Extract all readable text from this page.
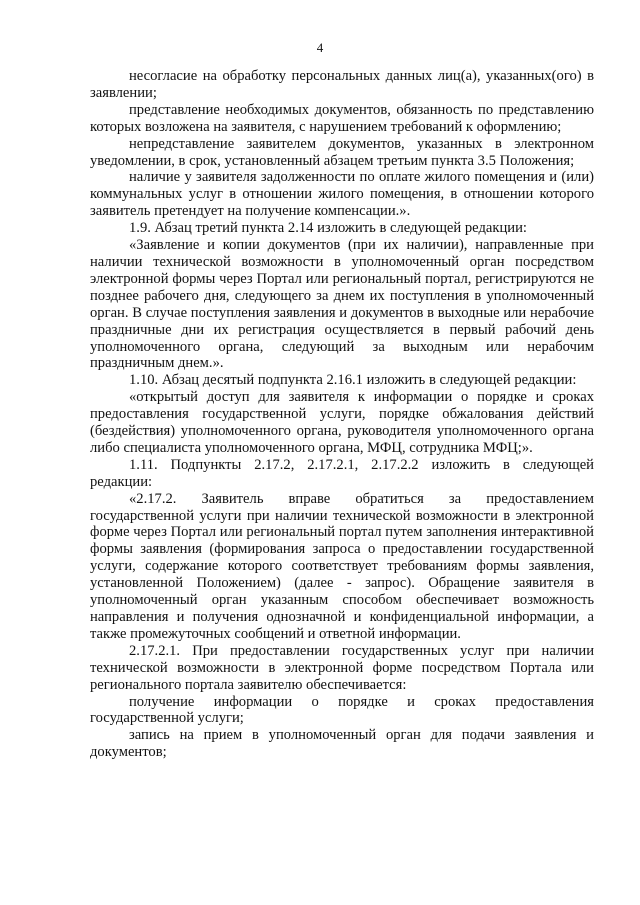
4

несогласие на обработку персональных данных лиц(а), указанных(ого) в заявлении;

представление необходимых документов, обязанность по представлению которых возложена на заявителя, с нарушением требований к оформлению;

непредставление заявителем документов, указанных в электронном уведомлении, в срок, установленный абзацем третьим пункта 3.5 Положения;

наличие у заявителя задолженности по оплате жилого помещения и (или) коммунальных услуг в отношении жилого помещения, в отношении которого заявитель претендует на получение компенсации.».

1.9. Абзац третий пункта 2.14 изложить в следующей редакции:

«Заявление и копии документов (при их наличии), направленные при наличии технической возможности в уполномоченный орган посредством электронной формы через Портал или региональный портал, регистрируются не позднее рабочего дня, следующего за днем их поступления в уполномоченный орган. В случае поступления заявления и документов в выходные или нерабочие праздничные дни их регистрация осуществляется в первый рабочий день уполномоченного органа, следующий за выходным или нерабочим праздничным днем.».

1.10. Абзац десятый подпункта 2.16.1 изложить в следующей редакции:

«открытый доступ для заявителя к информации о порядке и сроках предоставления государственной услуги, порядке обжалования действий (бездействия) уполномоченного органа, руководителя уполномоченного органа либо специалиста уполномоченного органа, МФЦ, сотрудника МФЦ;».

1.11. Подпункты 2.17.2, 2.17.2.1, 2.17.2.2 изложить в следующей редакции:

«2.17.2. Заявитель вправе обратиться за предоставлением государственной услуги при наличии технической возможности в электронной форме через Портал или региональный портал путем заполнения интерактивной формы заявления (формирования запроса о предоставлении государственной услуги, содержание которого соответствует требованиям формы заявления, установленной Положением) (далее - запрос). Обращение заявителя в уполномоченный орган указанным способом обеспечивает возможность направления и получения однозначной и конфиденциальной информации, а также промежуточных сообщений и ответной информации.

2.17.2.1. При предоставлении государственных услуг при наличии технической возможности в электронной форме посредством Портала или регионального портала заявителю обеспечивается:

получение информации о порядке и сроках предоставления государственной услуги;

запись на прием в уполномоченный орган для подачи заявления и документов;
